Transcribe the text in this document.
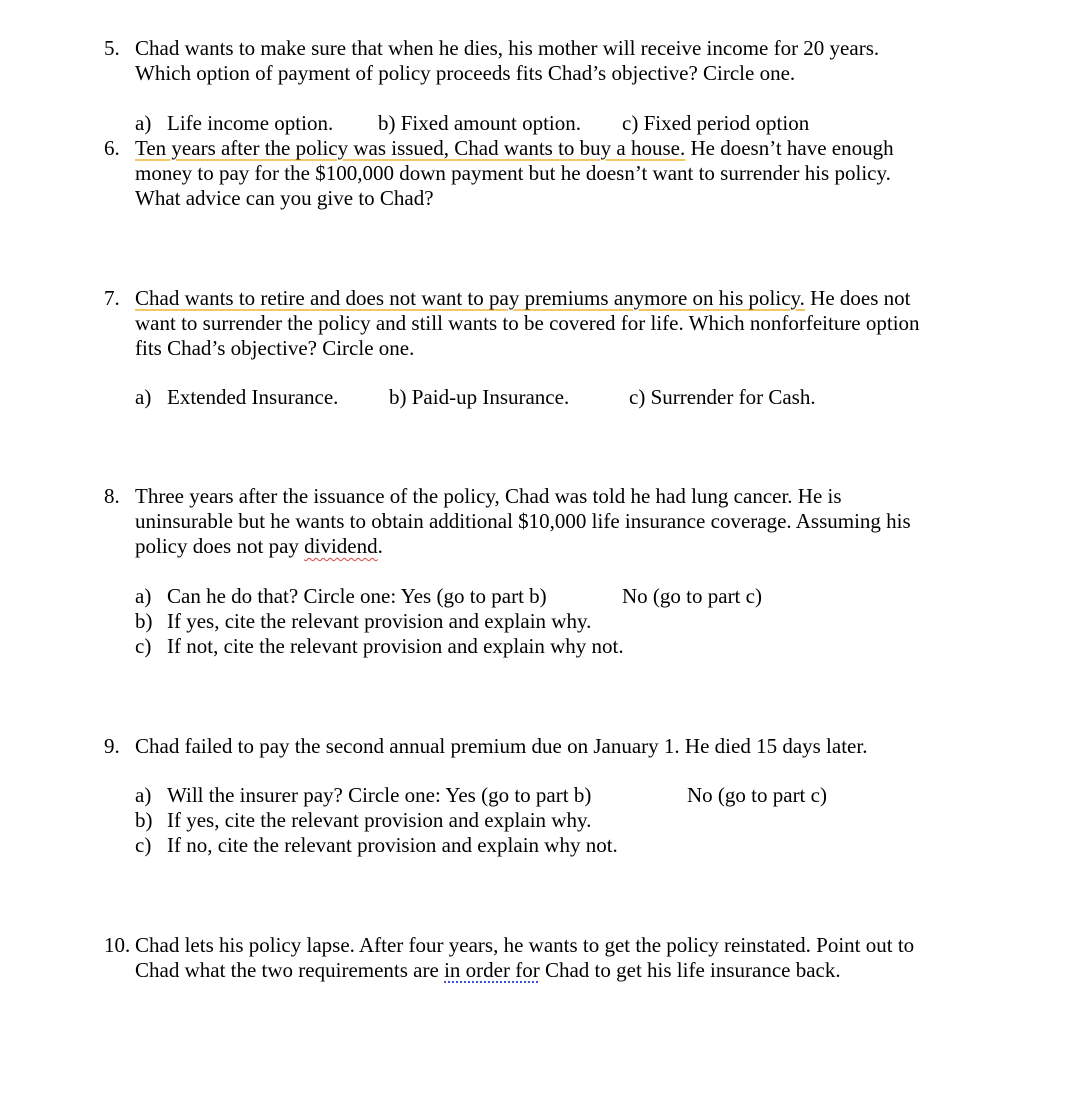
5. Chad wants to make sure that when he dies, his mother will receive income for 20 years.
Which option of payment of policy proceeds fits Chad’s objective? Circle one.
a) Life income option. b) Fixed amount option. c) Fixed period option
6. Ten years after the policy was issued, Chad wants to buy a house. He doesn’t have enough
money to pay for the $100,000 down payment but he doesn’t want to surrender his policy.
What advice can you give to Chad?
7. Chad wants to retire and does not want to pay premiums anymore on his policy. He does not
want to surrender the policy and still wants to be covered for life. Which nonforfeiture option
fits Chad’s objective? Circle one.
a) Extended Insurance. b) Paid-up Insurance.	c) Surrender for Cash.
8. Three years after the issuance of the policy, Chad was told he had lung cancer. He is
uninsurable but he wants to obtain additional $10,000 life insurance coverage. Assuming his
policy does not pay dividend.
a) Can he do that? Circle one: Yes (go to part b)	No (go to part c)
b) If yes, cite the relevant provision and explain why.
c) If not, cite the relevant provision and explain why not.
9. Chad failed to pay the second annual premium due on January 1. He died 15 days later.
a) Will the insurer pay? Circle one: Yes (go to part b)	No (go to part c)
b) If yes, cite the relevant provision and explain why.
c) If no, cite the relevant provision and explain why not.
10. Chad lets his policy lapse. After four years, he wants to get the policy reinstated. Point out to
Chad what the two requirements are in order for Chad to get his life insurance back.
